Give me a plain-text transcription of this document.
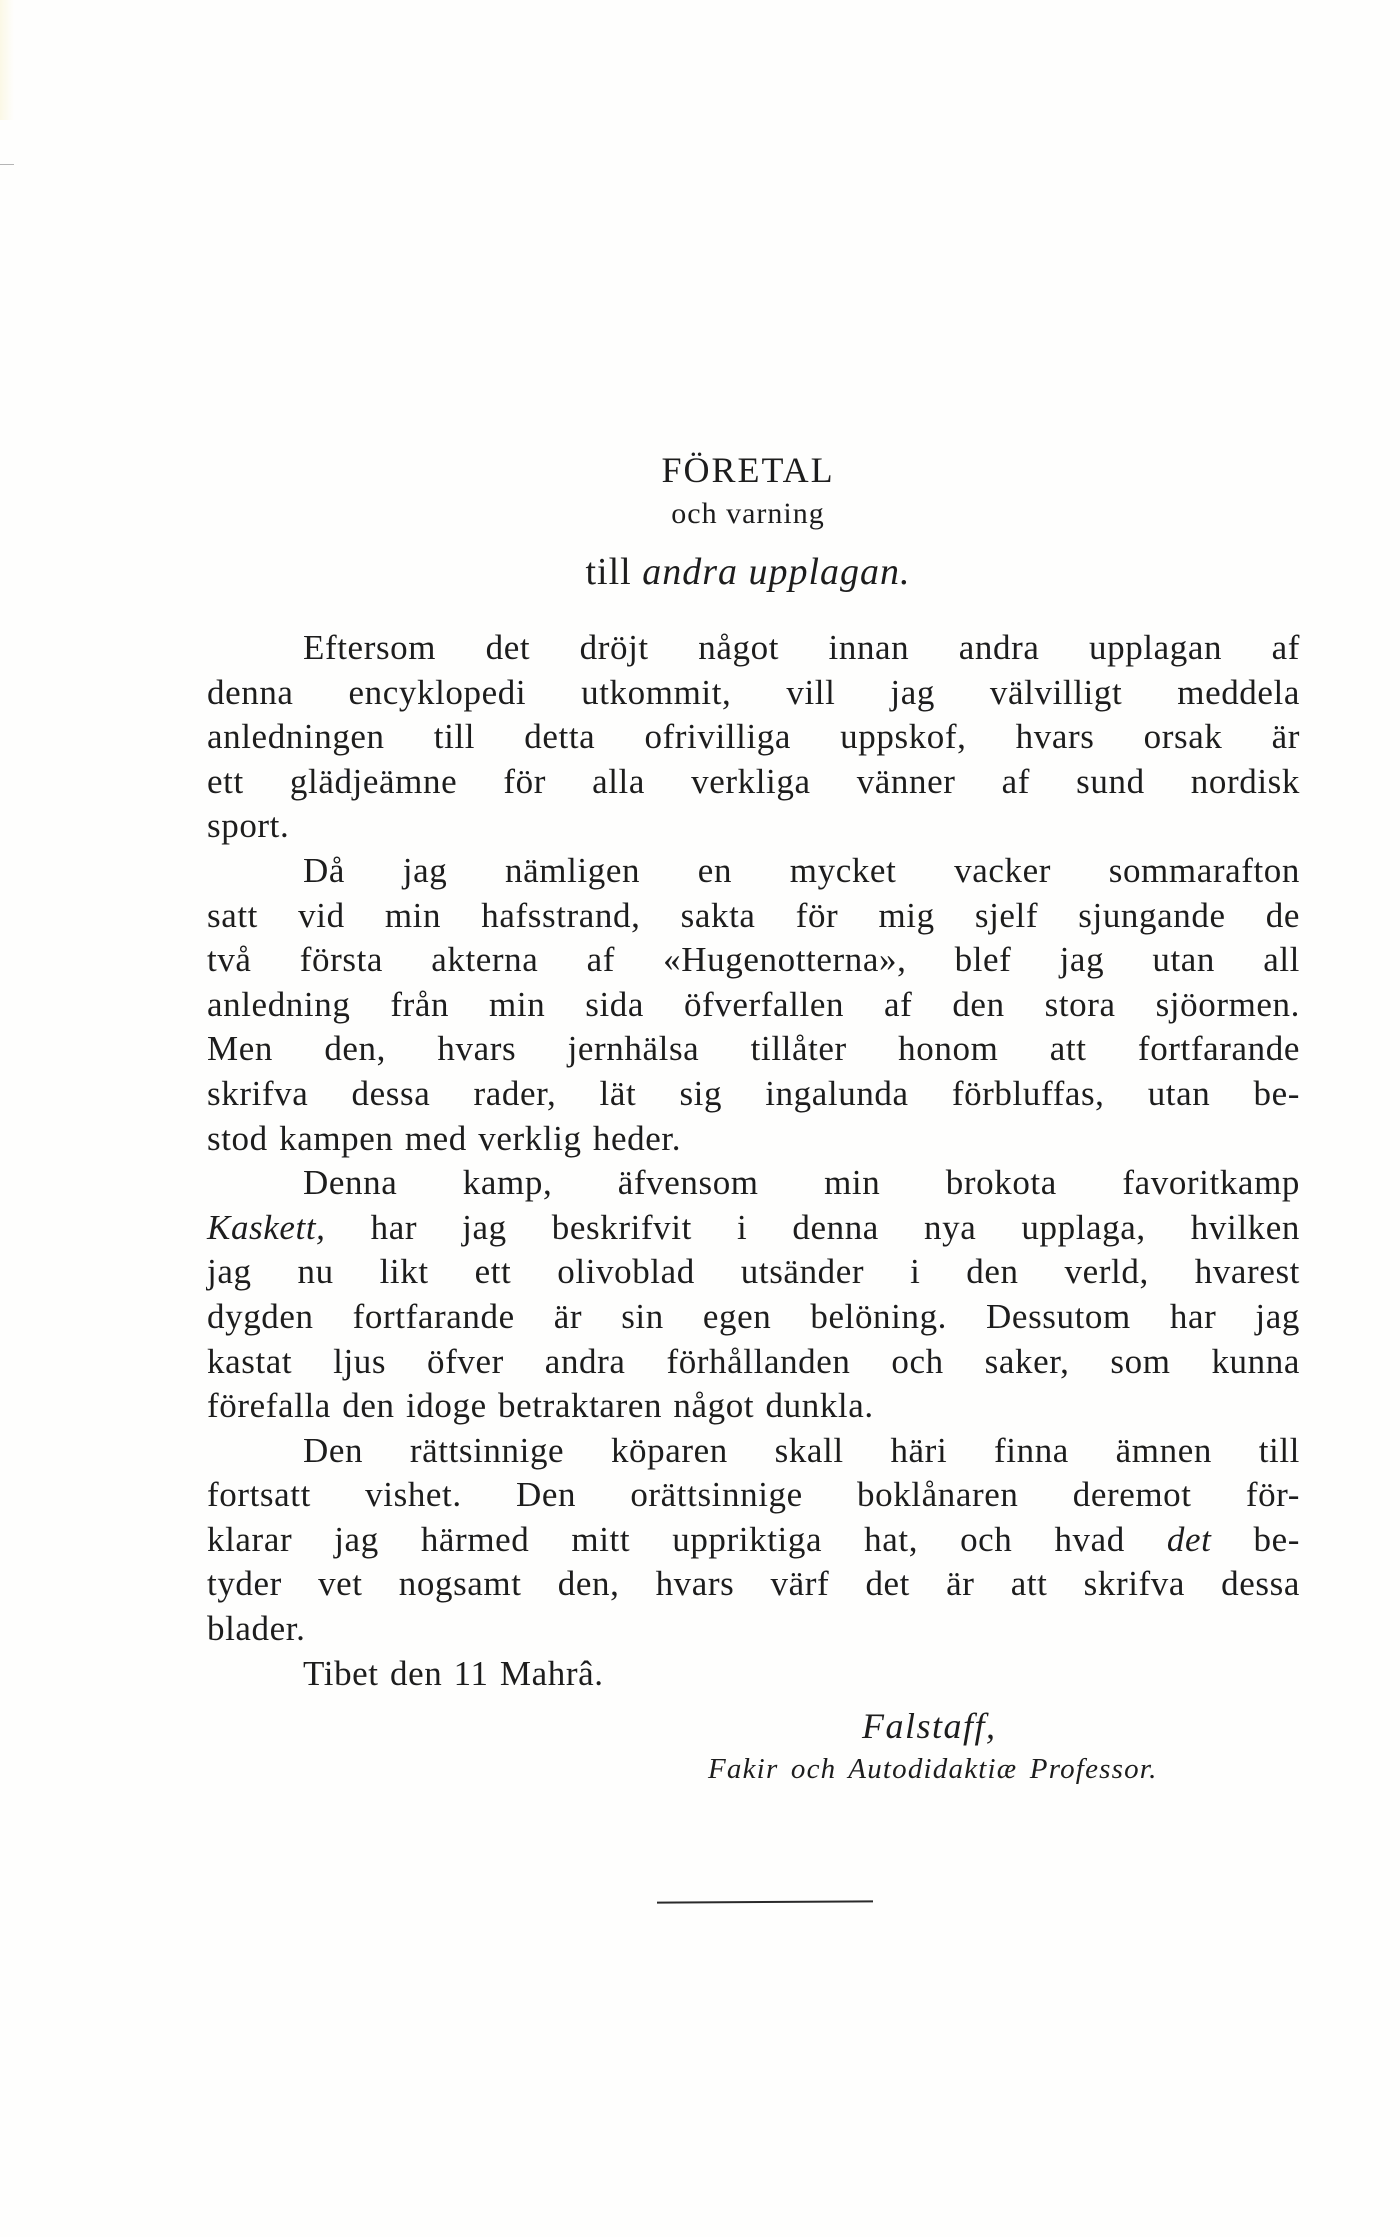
FÖRETAL
och varning
till andra upplagan.
Eftersom det dröjt något innan andra upplagan af
denna encyklopedi utkommit, vill jag välvilligt meddela
anledningen till detta ofrivilliga uppskof, hvars orsak är
ett glädjeämne för alla verkliga vänner af sund nordisk
sport.
Då jag nämligen en mycket vacker sommarafton
satt vid min hafsstrand, sakta för mig sjelf sjungande de
två första akterna af «Hugenotterna», blef jag utan all
anledning från min sida öfverfallen af den stora sjöormen.
Men den, hvars jernhälsa tillåter honom att fortfarande
skrifva dessa rader, lät sig ingalunda förbluffas, utan be-
stod kampen med verklig heder.
Denna kamp, äfvensom min brokota favoritkamp
Kaskett, har jag beskrifvit i denna nya upplaga, hvilken
jag nu likt ett olivoblad utsänder i den verld, hvarest
dygden fortfarande är sin egen belöning. Dessutom har jag
kastat ljus öfver andra förhållanden och saker, som kunna
förefalla den idoge betraktaren något dunkla.
Den rättsinnige köparen skall häri finna ämnen till
fortsatt vishet. Den orättsinnige boklånaren deremot för-
klarar jag härmed mitt uppriktiga hat, och hvad det be-
tyder vet nogsamt den, hvars värf det är att skrifva dessa
blader.
Tibet den 11 Mahrâ.
Falstaff,
Fakir och Autodidaktiæ Professor.
